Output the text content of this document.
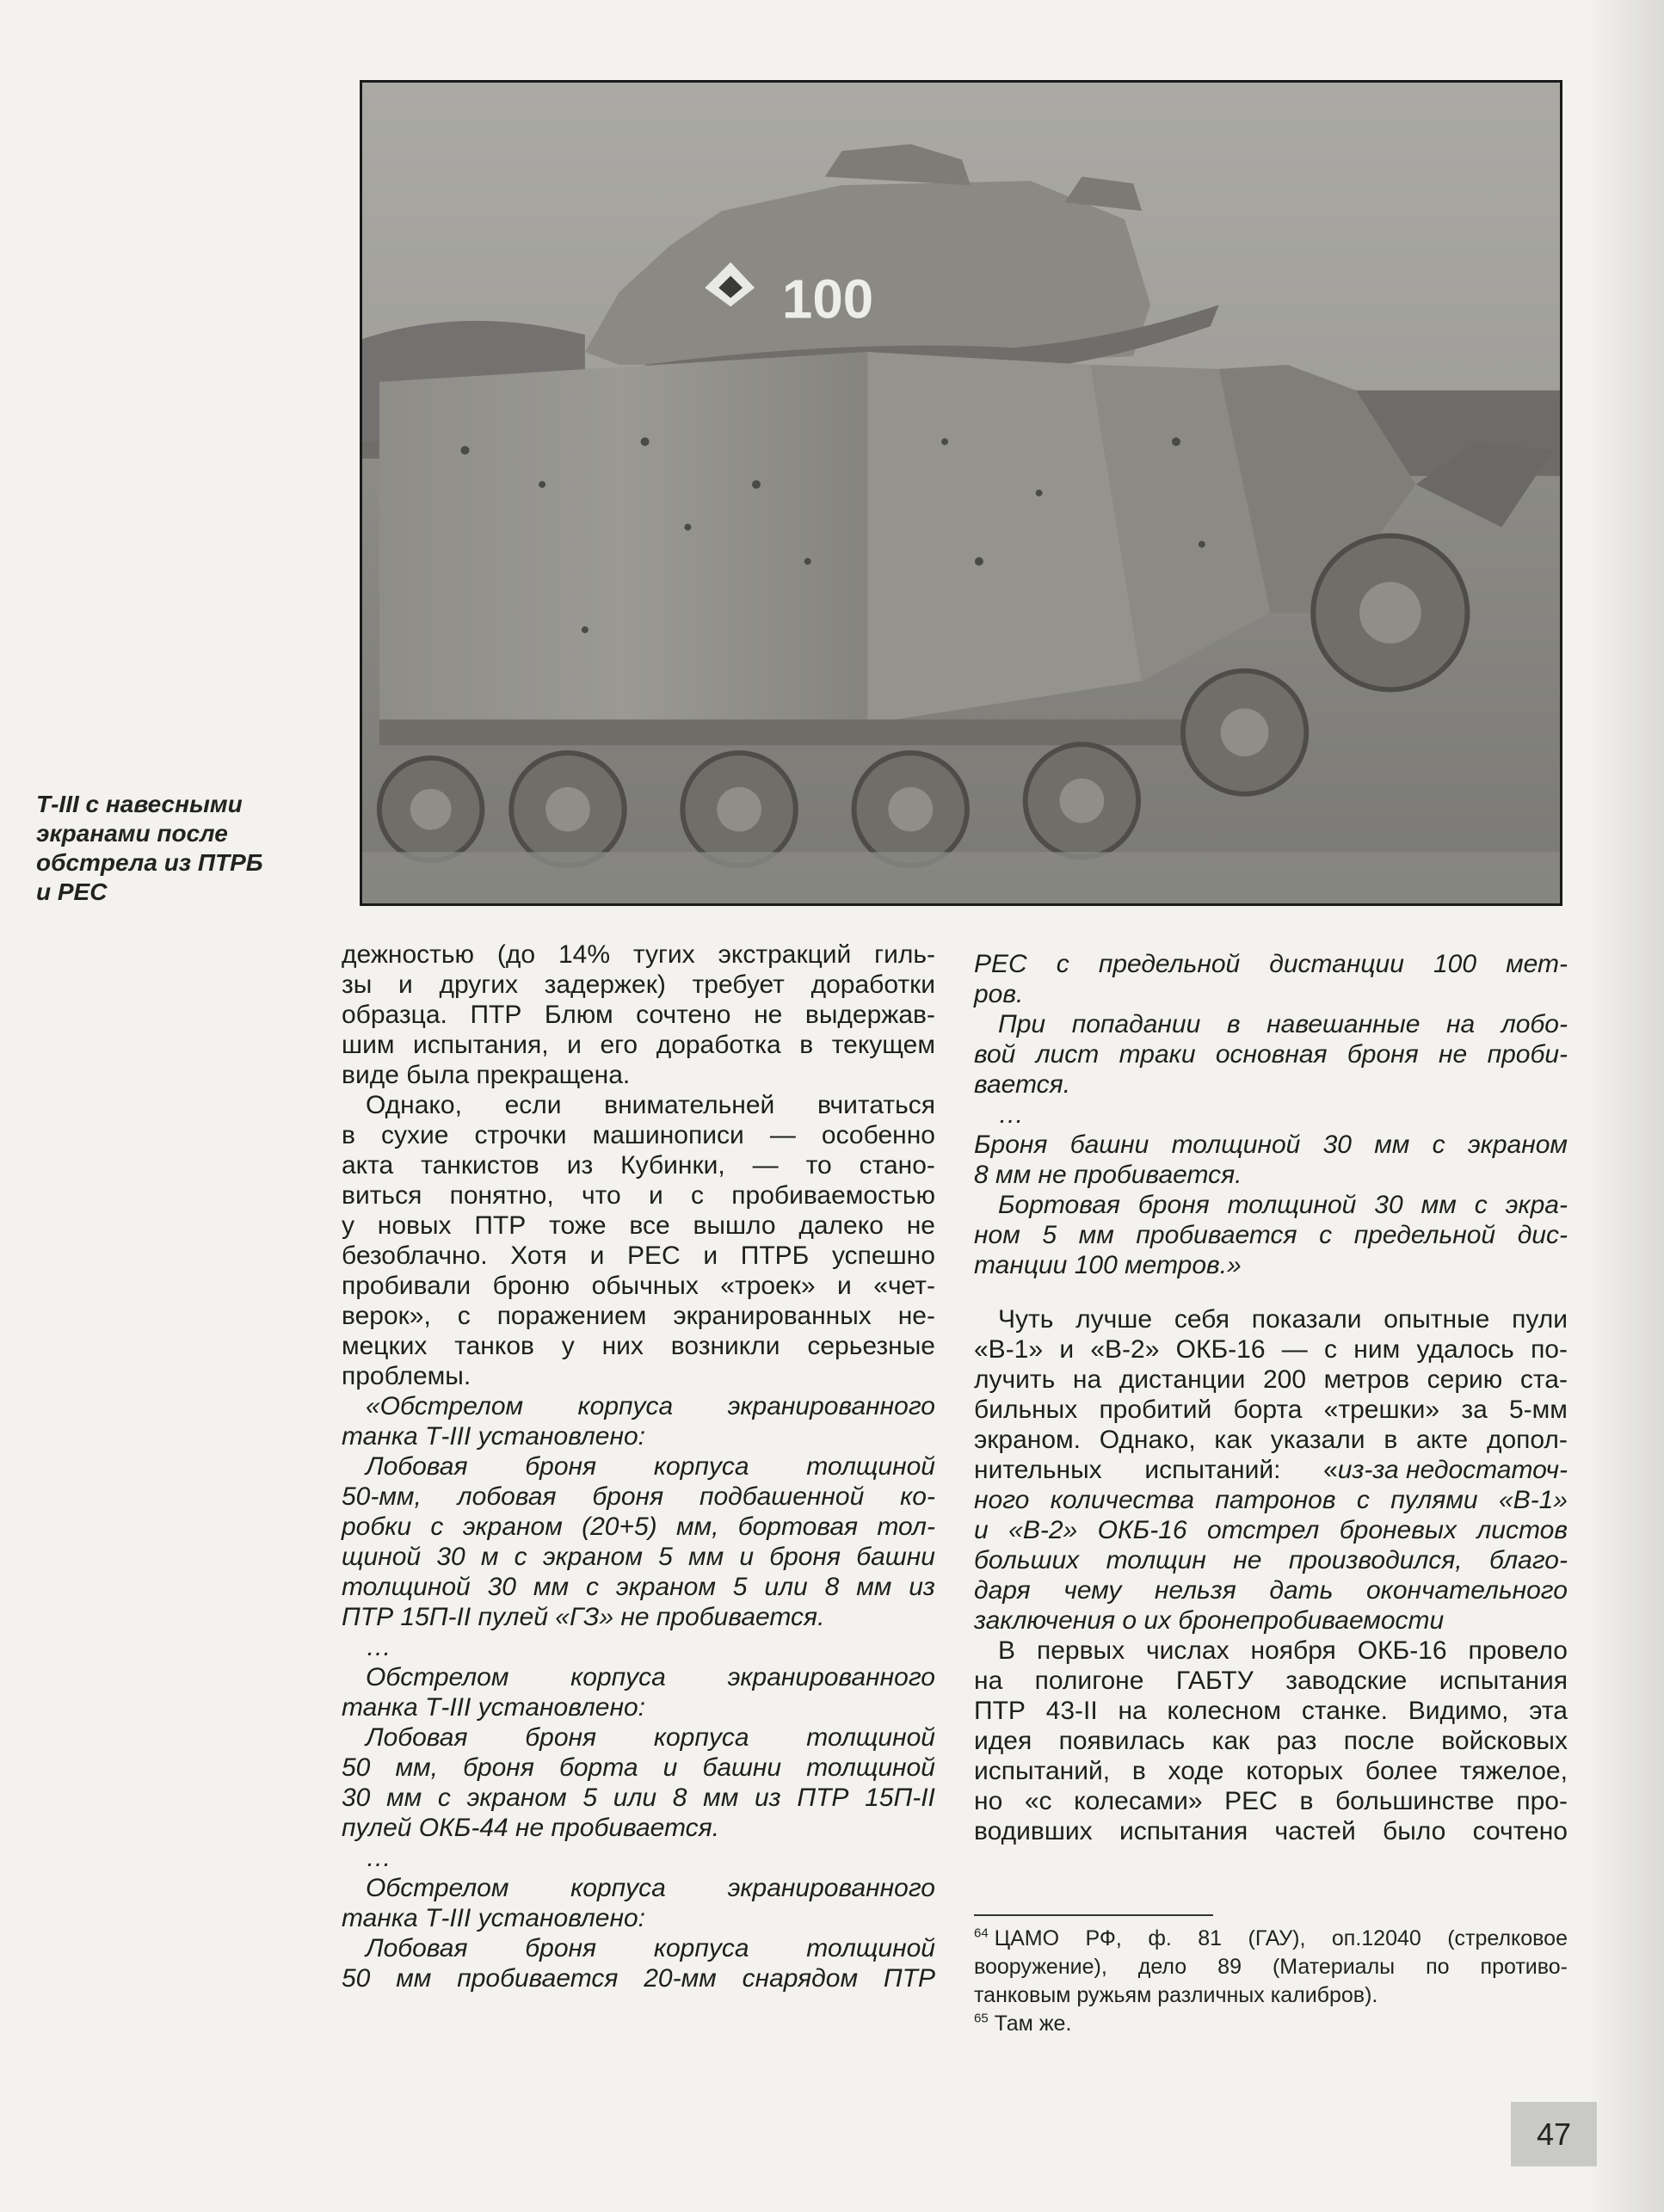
100
Т-III с навесными
экранами после
обстрела из ПТРБ
и РЕС
дежностью (до 14% тугих экстракций гиль-
зы и других задержек) требует доработки
образца. ПТР Блюм сочтено не выдержав-
шим испытания, и его доработка в текущем
виде была прекращена.
Однако, если внимательней вчитаться
в сухие строчки машинописи — особенно
акта танкистов из Кубинки, — то стано-
виться понятно, что и с пробиваемостью
у новых ПТР тоже все вышло далеко не
безоблачно. Хотя и РЕС и ПТРБ успешно
пробивали броню обычных «троек» и «чет-
верок», с поражением экранированных не-
мецких танков у них возникли серьезные
проблемы.
«Обстрелом корпуса экранированного
танка Т-III установлено:
Лобовая броня корпуса толщиной
50-мм, лобовая броня подбашенной ко-
робки с экраном (20+5) мм, бортовая тол-
щиной 30 м с экраном 5 мм и броня башни
толщиной 30 мм с экраном 5 или 8 мм из
ПТР 15П-II пулей «ГЗ» не пробивается.
…
Обстрелом корпуса экранированного
танка Т-III установлено:
Лобовая броня корпуса толщиной
50 мм, броня борта и башни толщиной
30 мм с экраном 5 или 8 мм из ПТР 15П-II
пулей ОКБ-44 не пробивается.
…
Обстрелом корпуса экранированного
танка Т-III установлено:
Лобовая броня корпуса толщиной
50 мм пробивается 20-мм снарядом ПТР
РЕС с предельной дистанции 100 мет-
ров.
При попадании в навешанные на лобо-
вой лист траки основная броня не проби-
вается.
…
Броня башни толщиной 30 мм с экраном
8 мм не пробивается.
Бортовая броня толщиной 30 мм с экра-
ном 5 мм пробивается с предельной дис-
танции 100 метров.»
Чуть лучше себя показали опытные пули
«В-1» и «В-2» ОКБ-16 — с ним удалось по-
лучить на дистанции 200 метров серию ста-
бильных пробитий борта «трешки» за 5-мм
экраном. Однако, как указали в акте допол-
нительных испытаний: «из-за недостаточ-
ного количества патронов с пулями «В-1»
и «В-2» ОКБ-16 отстрел броневых листов
больших толщин не производился, благо-
даря чему нельзя дать окончательного
заключения о их бронепробиваемости
В первых числах ноября ОКБ-16 провело
на полигоне ГАБТУ заводские испытания
ПТР 43-II на колесном станке. Видимо, эта
идея появилась как раз после войсковых
испытаний, в ходе которых более тяжелое,
но «с колесами» РЕС в большинстве про-
водивших испытания частей было сочтено
$^{64}$ ЦАМО РФ, ф. 81 (ГАУ), оп.12040 (стрелковое
вооружение), дело 89 (Материалы по противо-
танковым ружьям различных калибров).
$^{65}$ Там же.
47
